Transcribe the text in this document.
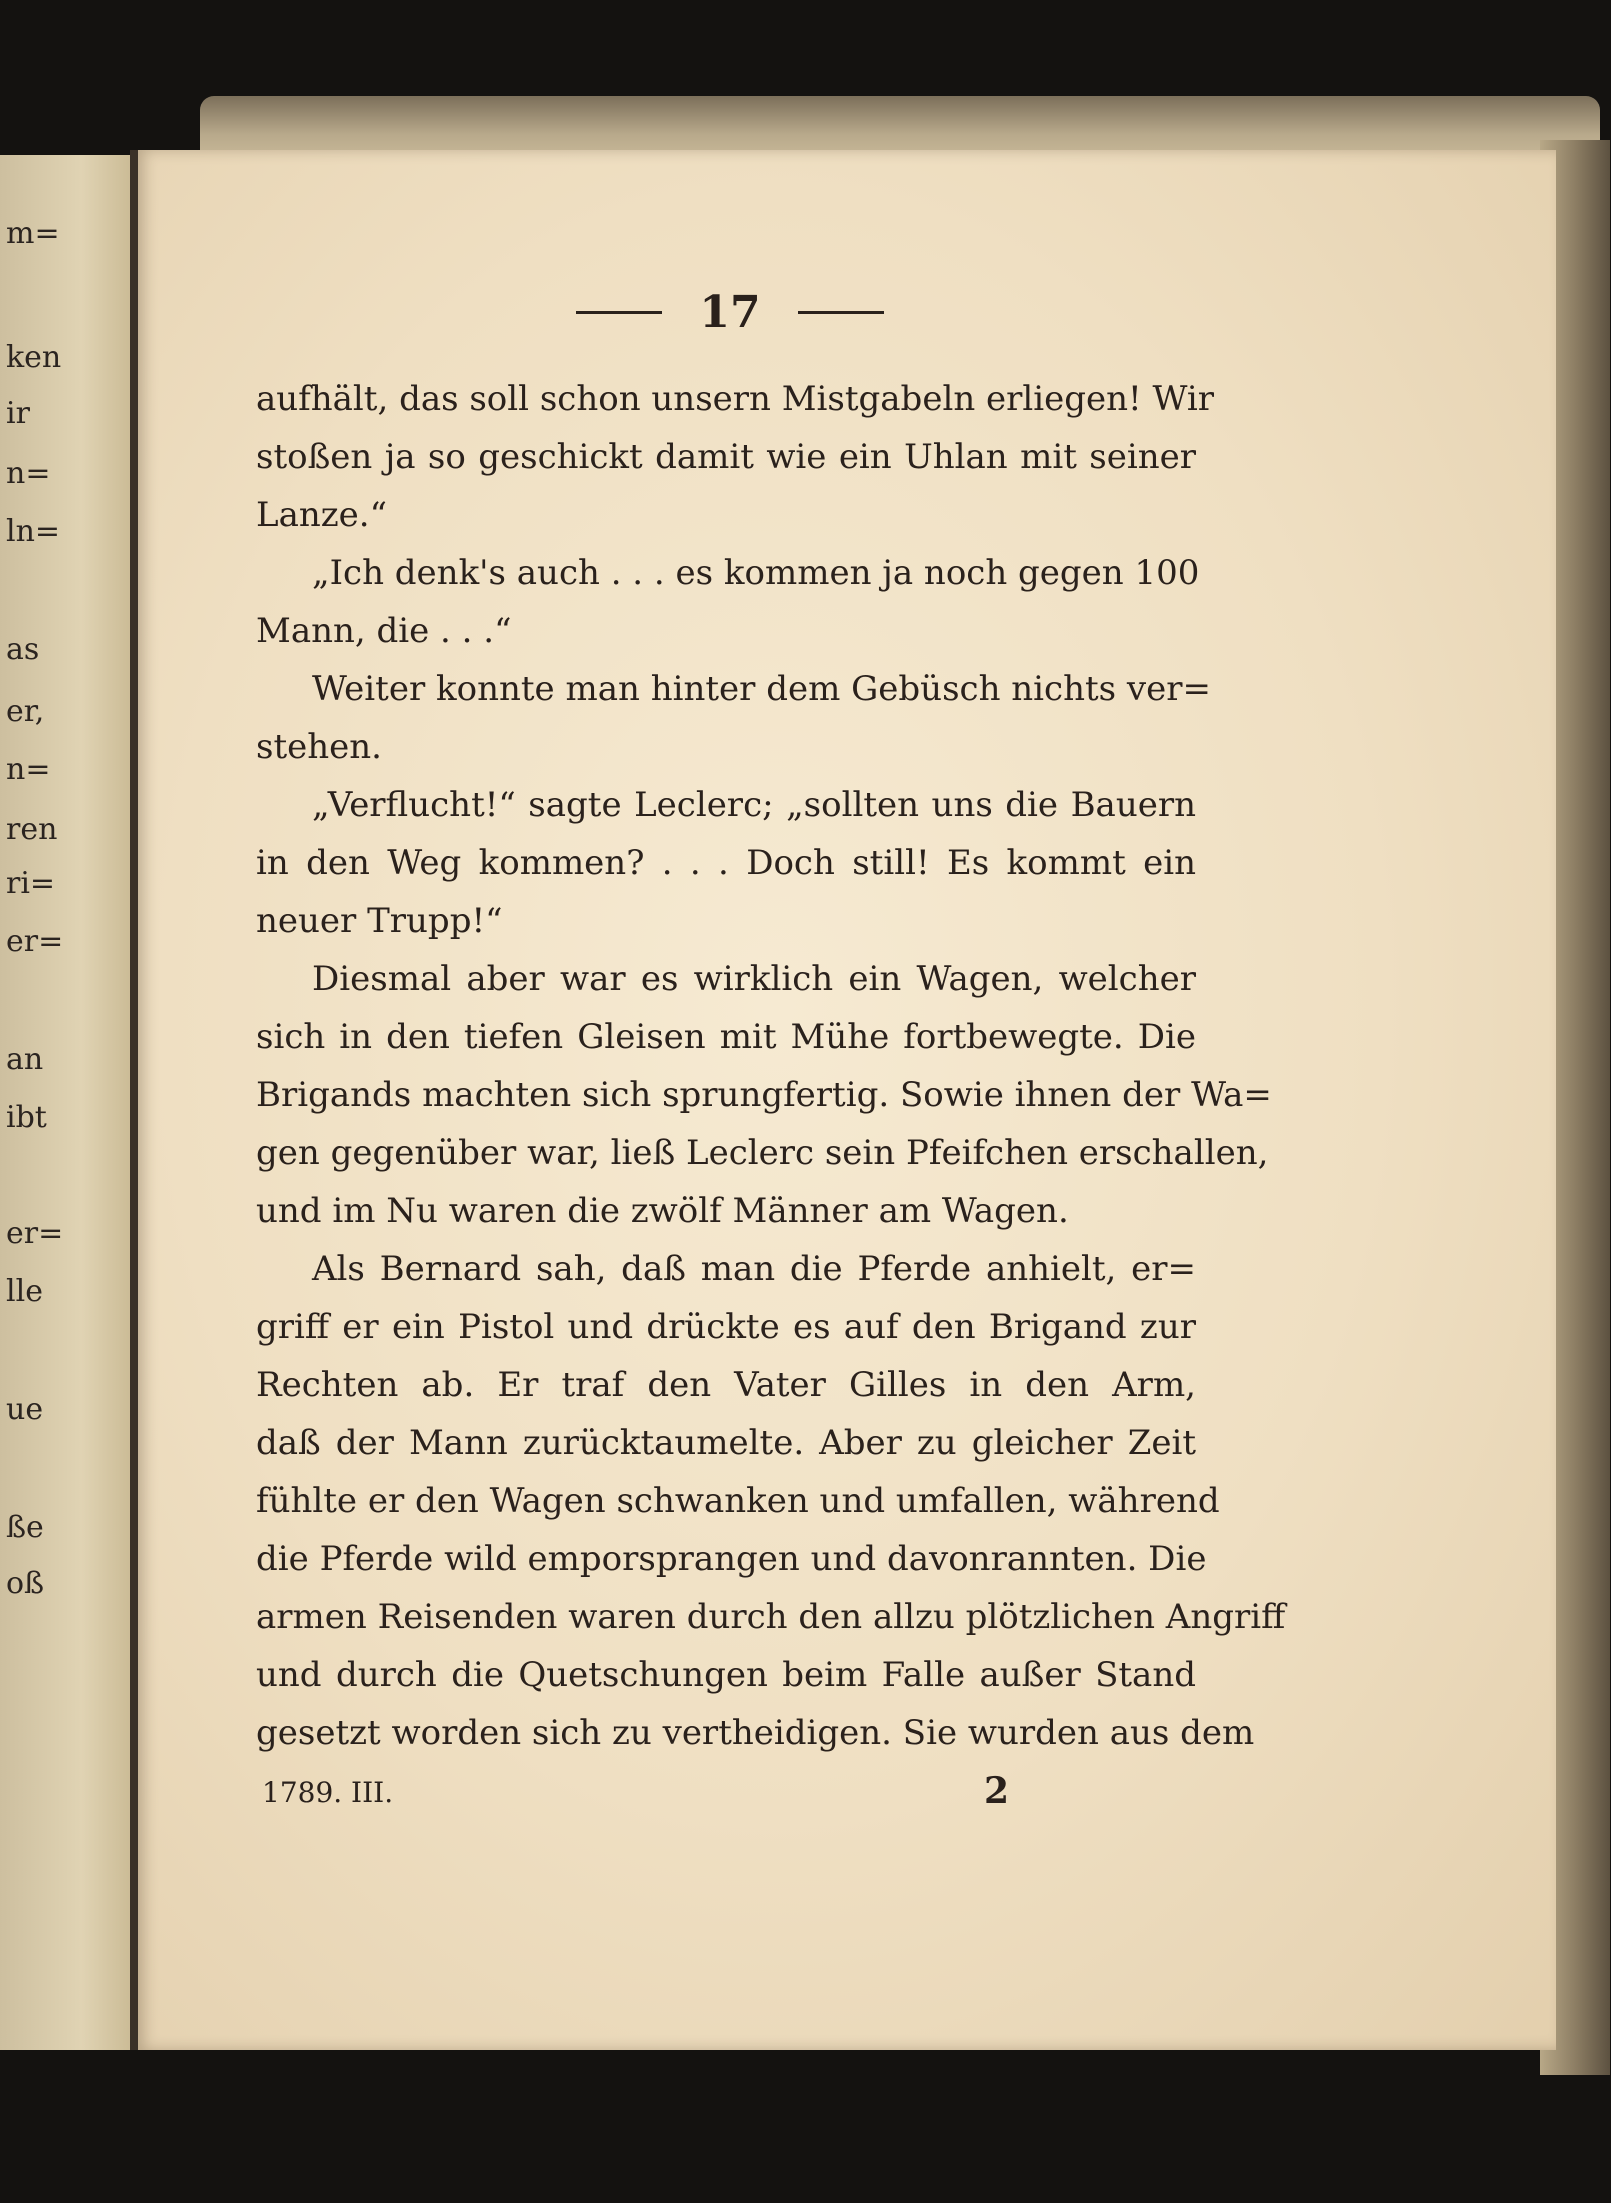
m=
ken
ir
n=
ln=
as
er,
n=
ren
ri=
er=
an
ibt
er=
lle
ue
ße
oß
17
aufhält, das soll schon unsern Mistgabeln erliegen! Wir
stoßen ja so geschickt damit wie ein Uhlan mit seiner
Lanze.“
„Ich denk's auch . . . es kommen ja noch gegen 100
Mann, die . . .“
Weiter konnte man hinter dem Gebüsch nichts ver=
stehen.
„Verflucht!“ sagte Leclerc; „sollten uns die Bauern
in den Weg kommen? . . . Doch still! Es kommt ein
neuer Trupp!“
Diesmal aber war es wirklich ein Wagen, welcher
sich in den tiefen Gleisen mit Mühe fortbewegte. Die
Brigands machten sich sprungfertig. Sowie ihnen der Wa=
gen gegenüber war, ließ Leclerc sein Pfeifchen erschallen,
und im Nu waren die zwölf Männer am Wagen.
Als Bernard sah, daß man die Pferde anhielt, er=
griff er ein Pistol und drückte es auf den Brigand zur
Rechten ab. Er traf den Vater Gilles in den Arm,
daß der Mann zurücktaumelte. Aber zu gleicher Zeit
fühlte er den Wagen schwanken und umfallen, während
die Pferde wild emporsprangen und davonrannten. Die
armen Reisenden waren durch den allzu plötzlichen Angriff
und durch die Quetschungen beim Falle außer Stand
gesetzt worden sich zu vertheidigen. Sie wurden aus dem
1789. III.	2
